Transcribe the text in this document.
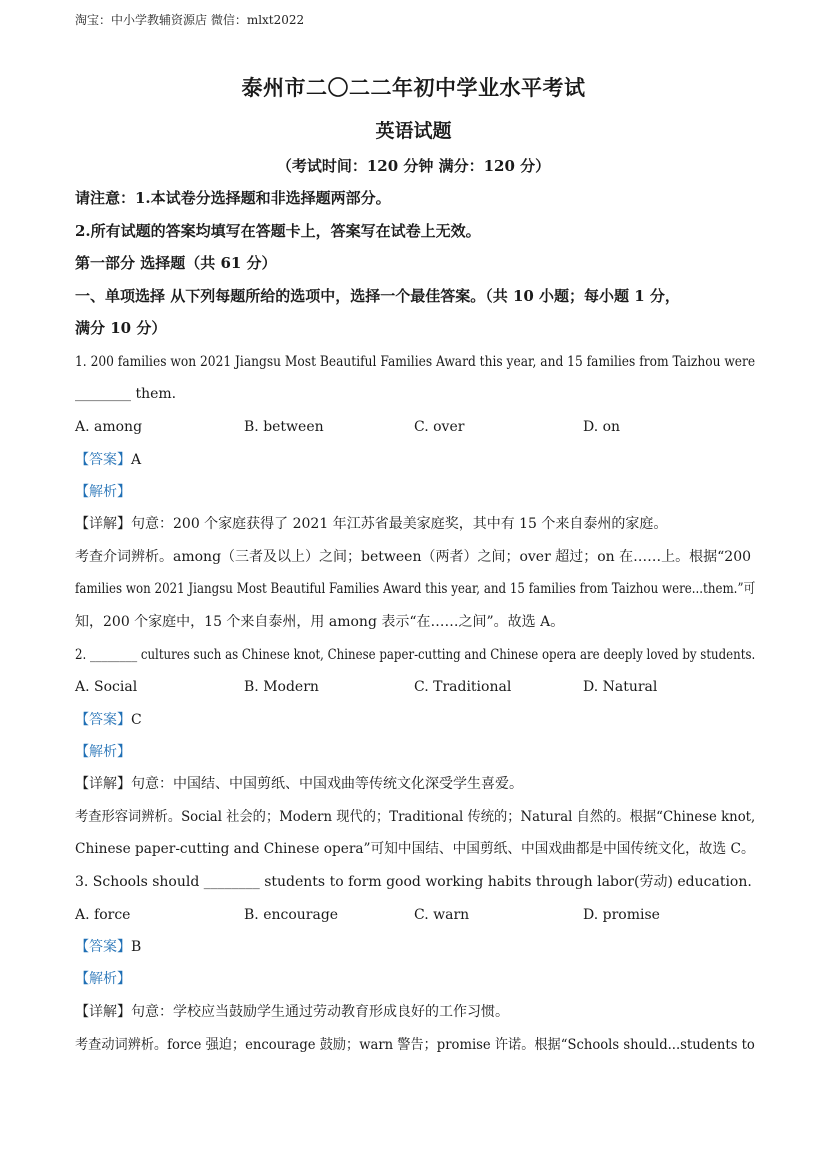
淘宝：中小学教辅资源店 微信：mlxt2022
泰州市二〇二二年初中学业水平考试
英语试题
（考试时间：120 分钟 满分：120 分）
请注意：1.本试卷分选择题和非选择题两部分。
2.所有试题的答案均填写在答题卡上，答案写在试卷上无效。
第一部分 选择题（共 61 分）
一、单项选择 从下列每题所给的选项中，选择一个最佳答案。（共 10 小题；每小题 1 分，
满分 10 分）
1. 200 families won 2021 Jiangsu Most Beautiful Families Award this year, and 15 families from Taizhou were
________ them.
A. among	B. between	C. over	D. on
【答案】A
【解析】
【详解】句意：200 个家庭获得了 2021 年江苏省最美家庭奖，其中有 15 个来自泰州的家庭。
考查介词辨析。among（三者及以上）之间；between（两者）之间；over 超过；on 在……上。根据“200
families won 2021 Jiangsu Most Beautiful Families Award this year, and 15 families from Taizhou were...them.”可
知，200 个家庭中，15 个来自泰州，用 among 表示“在……之间”。故选 A。
2. ________ cultures such as Chinese knot, Chinese paper-cutting and Chinese opera are deeply loved by students.
A. Social	B. Modern	C. Traditional	D. Natural
【答案】C
【解析】
【详解】句意：中国结、中国剪纸、中国戏曲等传统文化深受学生喜爱。
考查形容词辨析。Social 社会的；Modern 现代的；Traditional 传统的；Natural 自然的。根据“Chinese knot,
Chinese paper-cutting and Chinese opera”可知中国结、中国剪纸、中国戏曲都是中国传统文化，故选 C。
3. Schools should ________ students to form good working habits through labor(劳动) education.
A. force	B. encourage	C. warn	D. promise
【答案】B
【解析】
【详解】句意：学校应当鼓励学生通过劳动教育形成良好的工作习惯。
考查动词辨析。force 强迫；encourage 鼓励；warn 警告；promise 许诺。根据“Schools should...students to
